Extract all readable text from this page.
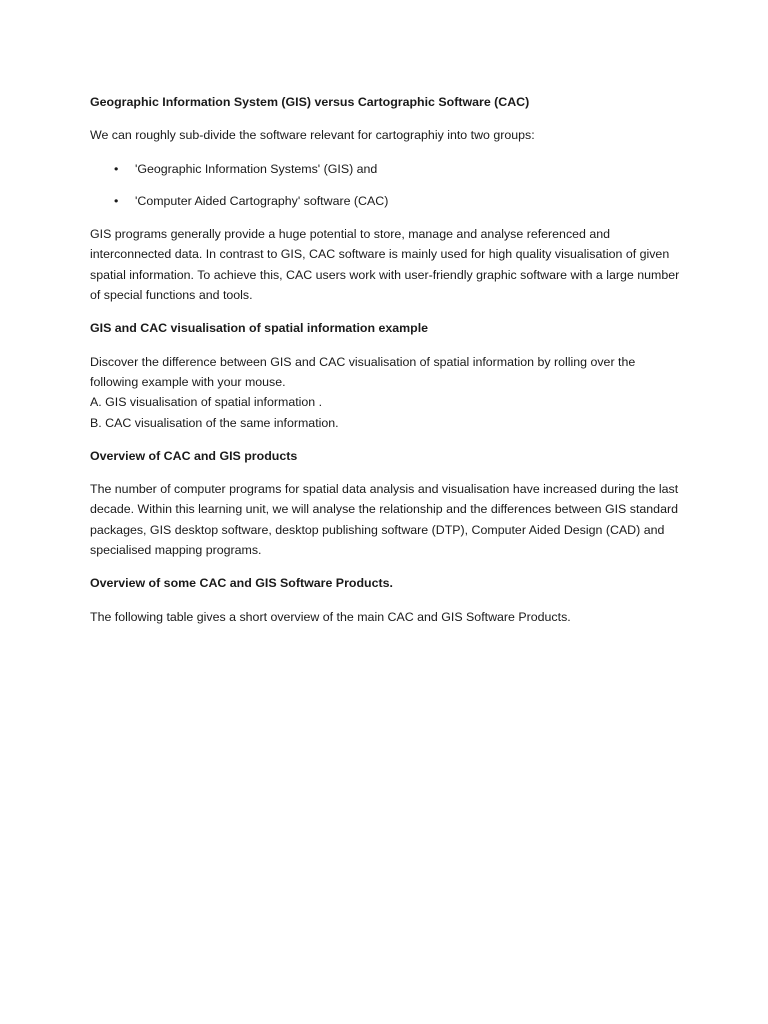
Geographic Information System (GIS) versus Cartographic Software (CAC)

We can roughly sub-divide the software relevant for cartographiy into two groups:

• 'Geographic Information Systems' (GIS) and
• 'Computer Aided Cartography' software (CAC)

GIS programs generally provide a huge potential to store, manage and analyse referenced and interconnected data. In contrast to GIS, CAC software is mainly used for high quality visualisation of given spatial information. To achieve this, CAC users work with user-friendly graphic software with a large number of special functions and tools.

GIS and CAC visualisation of spatial information example

Discover the difference between GIS and CAC visualisation of spatial information by rolling over the following example with your mouse.
A. GIS visualisation of spatial information .
B. CAC visualisation of the same information.

Overview of CAC and GIS products

The number of computer programs for spatial data analysis and visualisation have increased during the last decade. Within this learning unit, we will analyse the relationship and the differences between GIS standard packages, GIS desktop software, desktop publishing software (DTP), Computer Aided Design (CAD) and specialised mapping programs.

Overview of some CAC and GIS Software Products.

The following table gives a short overview of the main CAC and GIS Software Products.
